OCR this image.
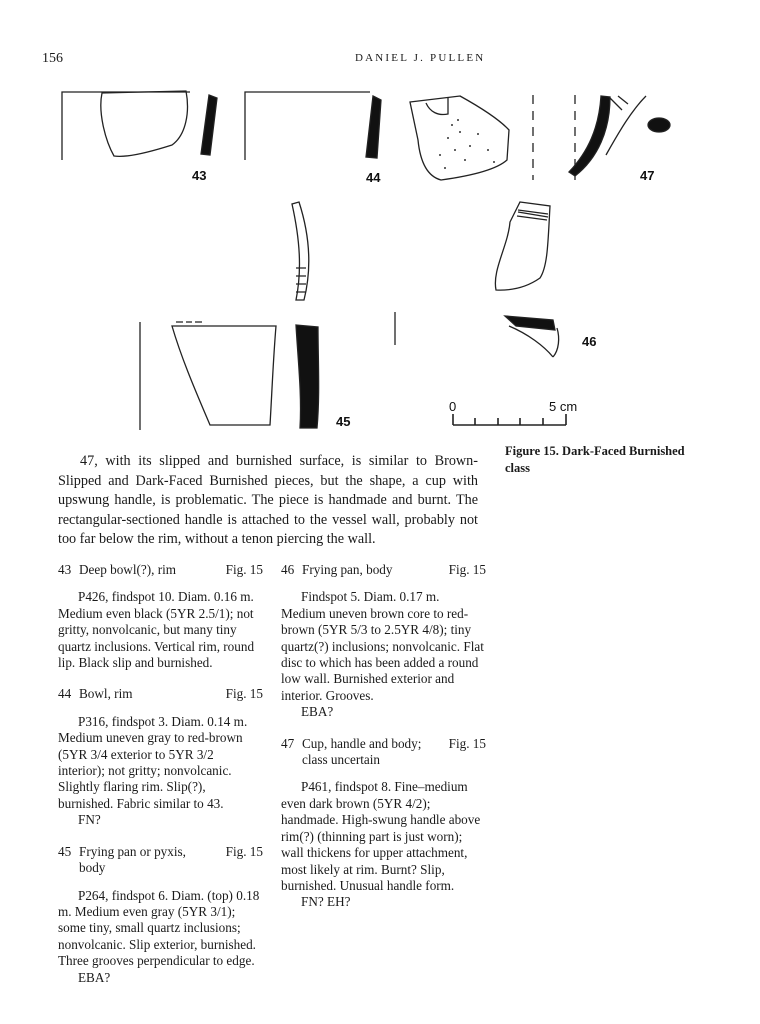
156	DANIEL J. PULLEN
43	44	47
46
45
0	5 cm
Figure 15. Dark-Faced Burnished class

47, with its slipped and burnished surface, is similar to Brown-Slipped and Dark-Faced Burnished pieces, but the shape, a cup with upswung handle, is problematic. The piece is handmade and burnt. The rectangular-sectioned handle is attached to the vessel wall, probably not too far below the rim, without a tenon piercing the wall.

43 Deep bowl(?), rim	Fig. 15
P426, findspot 10. Diam. 0.16 m. Medium even black (5YR 2.5/1); not gritty, nonvolcanic, but many tiny quartz inclusions. Vertical rim, round lip. Black slip and burnished.
44 Bowl, rim	Fig. 15
P316, findspot 3. Diam. 0.14 m. Medium uneven gray to red-brown (5YR 3/4 exterior to 5YR 3/2 interior); not gritty; nonvolcanic. Slightly flaring rim. Slip(?), burnished. Fabric similar to 43.
FN?
45 Frying pan or pyxis,	Fig. 15
body
P264, findspot 6. Diam. (top) 0.18 m. Medium even gray (5YR 3/1); some tiny, small quartz inclusions; nonvolcanic. Slip exterior, burnished. Three grooves perpendicular to edge.
EBA?
46 Frying pan, body	Fig. 15
Findspot 5. Diam. 0.17 m. Medium uneven brown core to red-brown (5YR 5/3 to 2.5YR 4/8); tiny quartz(?) inclusions; nonvolcanic. Flat disc to which has been added a round low wall. Burnished exterior and interior. Grooves.
EBA?
47 Cup, handle and body; Fig. 15
class uncertain
P461, findspot 8. Fine–medium even dark brown (5YR 4/2); handmade. High-swung handle above rim(?) (thinning part is just worn); wall thickens for upper attachment, most likely at rim. Burnt? Slip, burnished. Unusual handle form.
FN? EH?
